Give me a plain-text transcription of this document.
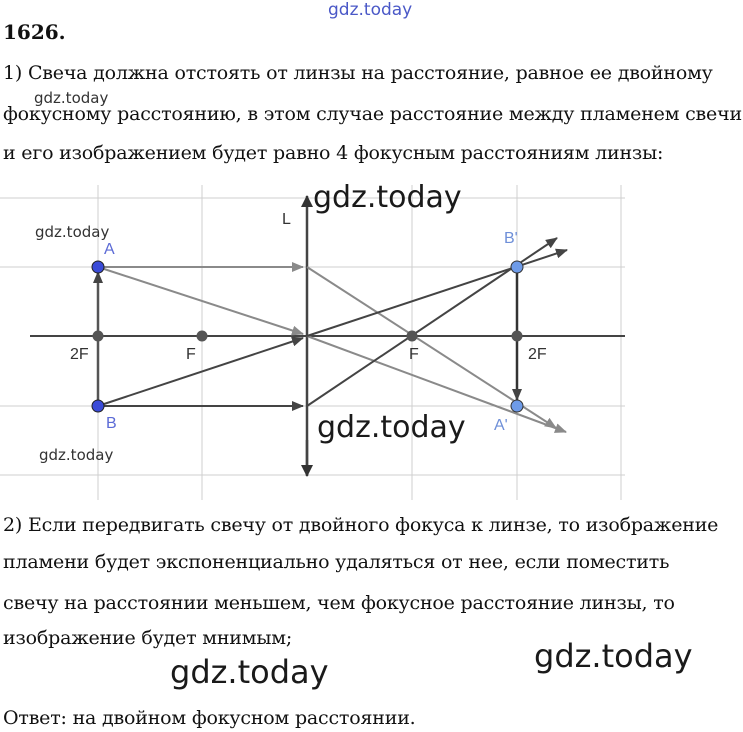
gdz.today
1626.
1) Свеча должна отстоять от линзы на расстояние, равное ее двойному
фокусному расстоянию, в этом случае расстояние между пламенем свечи
и его изображением будет равно 4 фокусным расстояниям линзы:
gdz.today
L
A
B
B'
A'
F	F
2F	2F
gdz.today
gdz.today
gdz.today
gdz.today
2) Если передвигать свечу от двойного фокуса к линзе, то изображение
пламени будет экспоненциально удаляться от нее, если поместить
свечу на расстоянии меньшем, чем фокусное расстояние линзы, то
изображение будет мнимым;
gdz.today	gdz.today
Ответ: на двойном фокусном расстоянии.
